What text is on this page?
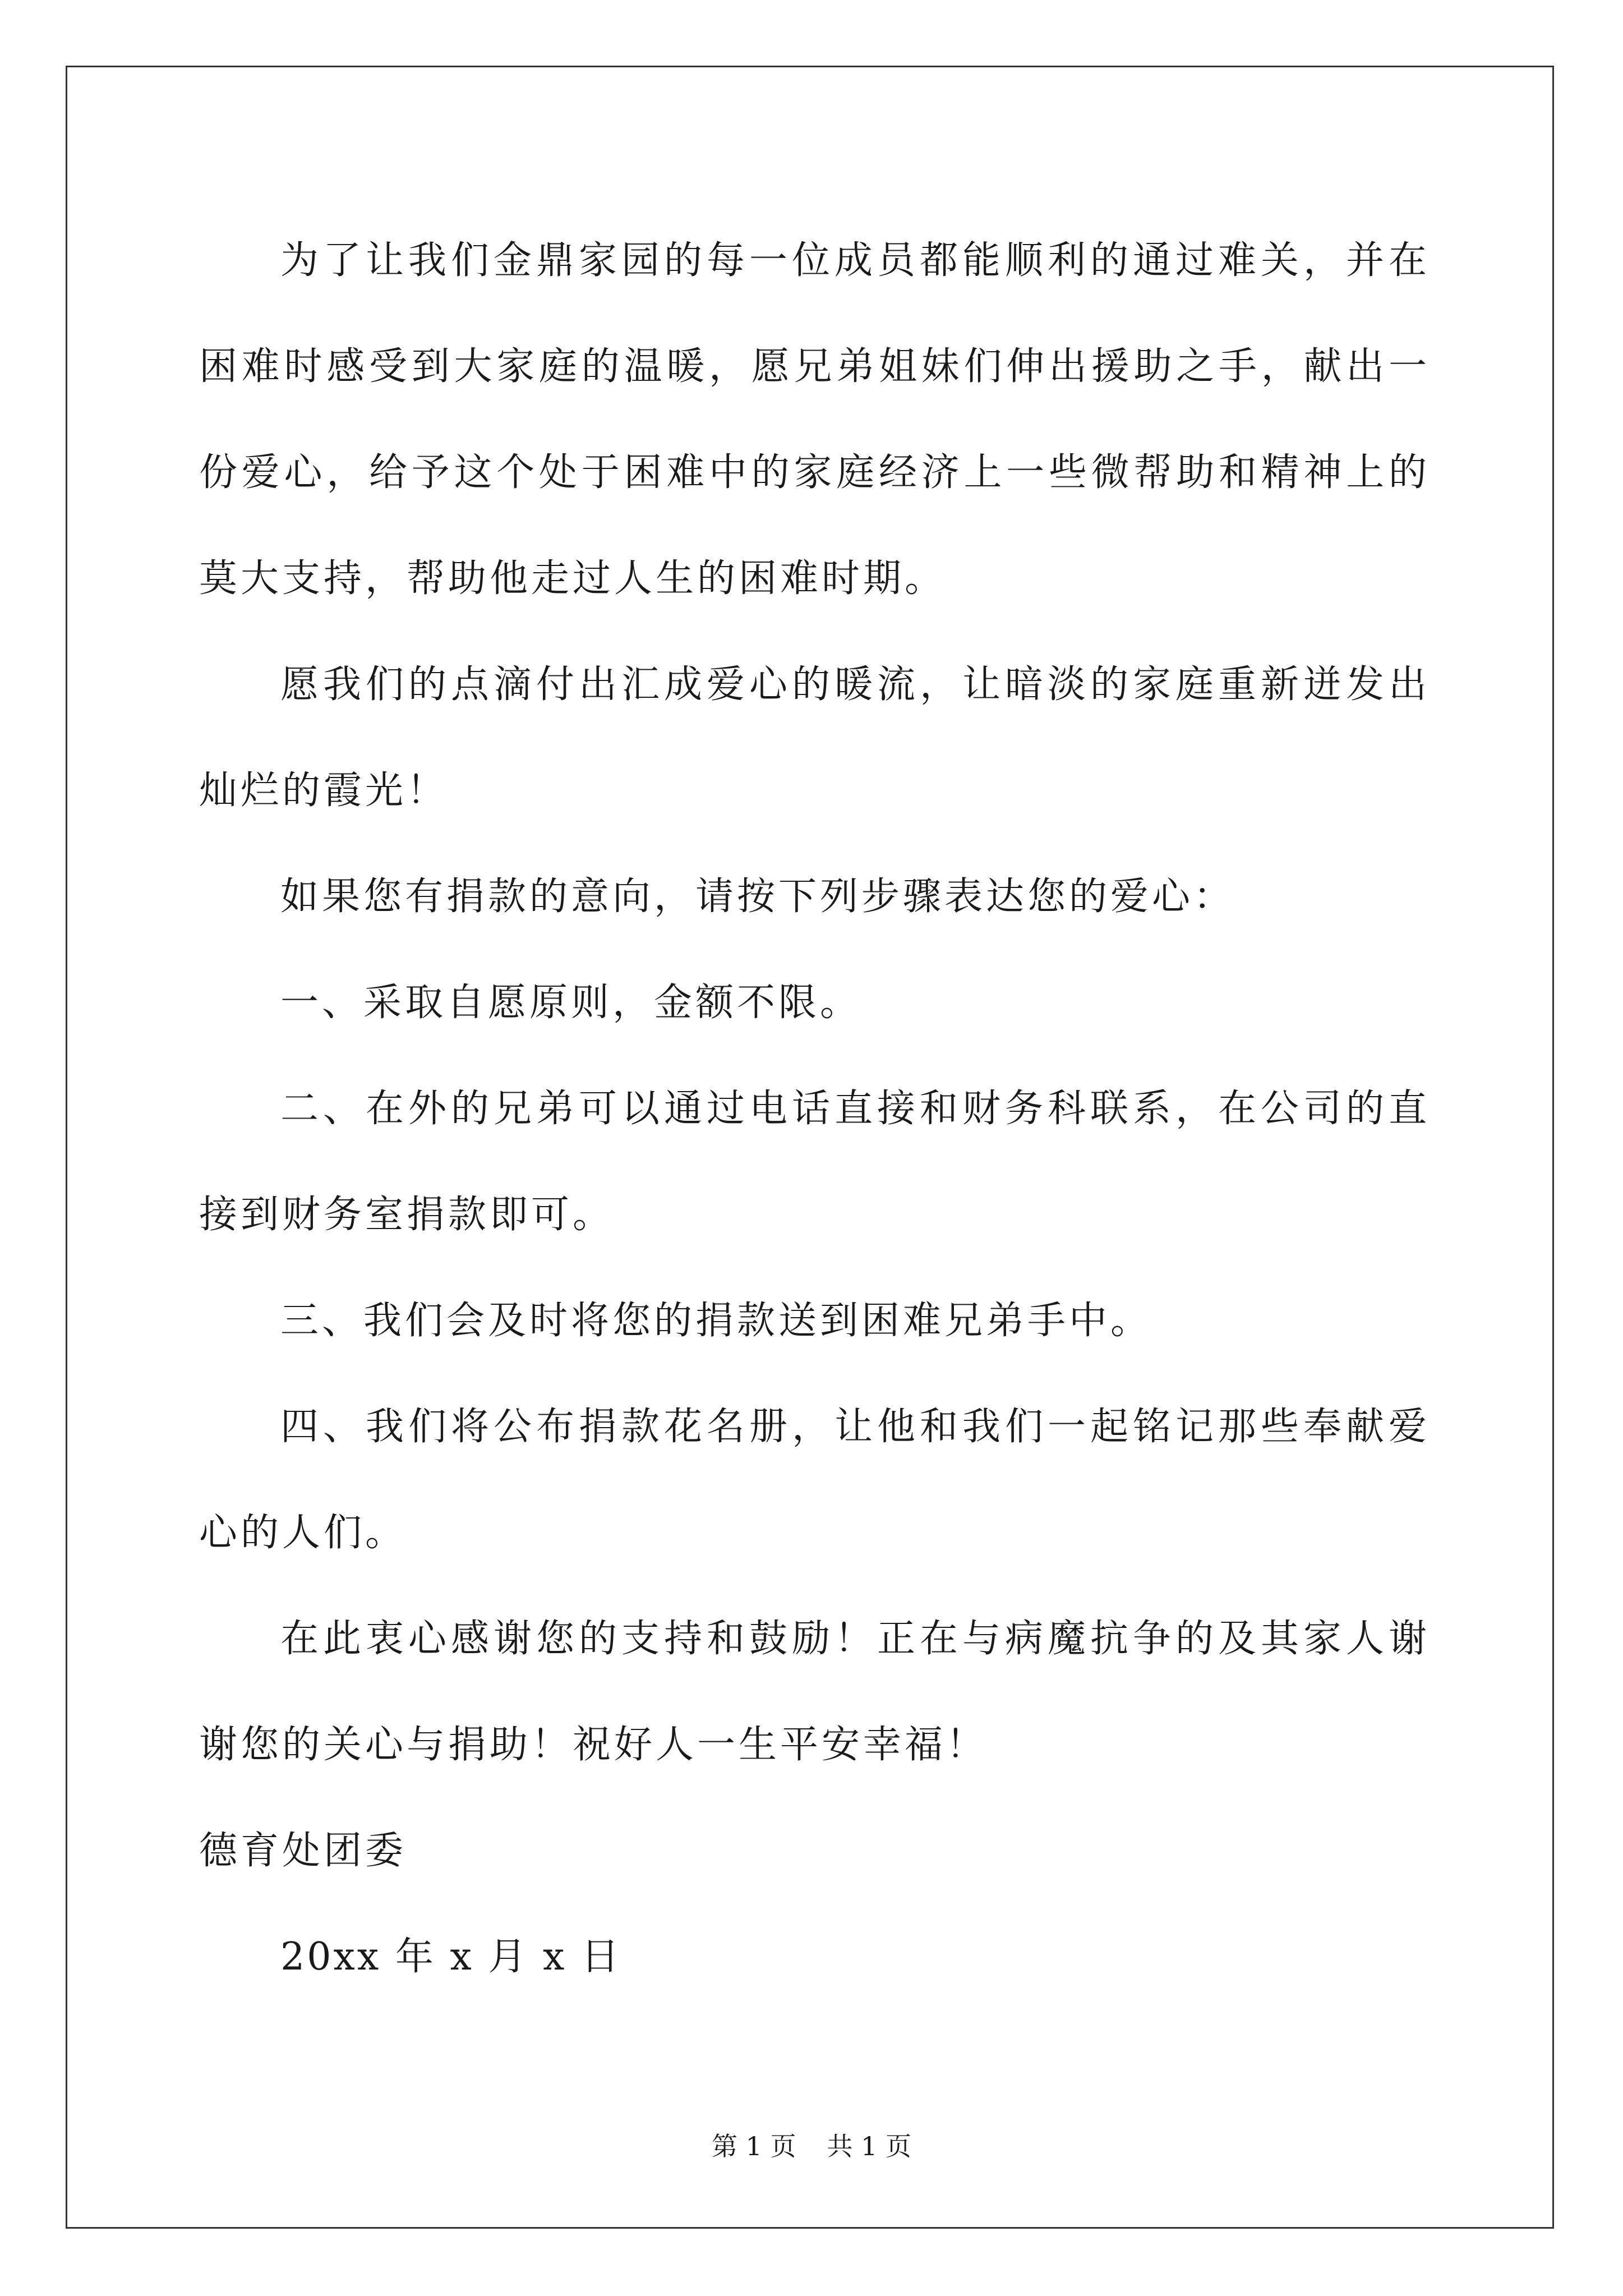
为了让我们金鼎家园的每一位成员都能顺利的通过难关，并在困难时感受到大家庭的温暖，愿兄弟姐妹们伸出援助之手，献出一份爱心，给予这个处于困难中的家庭经济上一些微帮助和精神上的莫大支持，帮助他走过人生的困难时期。

愿我们的点滴付出汇成爱心的暖流，让暗淡的家庭重新迸发出灿烂的霞光！

如果您有捐款的意向，请按下列步骤表达您的爱心：

一、采取自愿原则，金额不限。

二、在外的兄弟可以通过电话直接和财务科联系，在公司的直接到财务室捐款即可。

三、我们会及时将您的捐款送到困难兄弟手中。

四、我们将公布捐款花名册，让他和我们一起铭记那些奉献爱心的人们。

在此衷心感谢您的支持和鼓励！正在与病魔抗争的及其家人谢谢您的关心与捐助！祝好人一生平安幸福！

德育处团委

20xx 年 x 月 x 日

第 1 页 共 1 页
